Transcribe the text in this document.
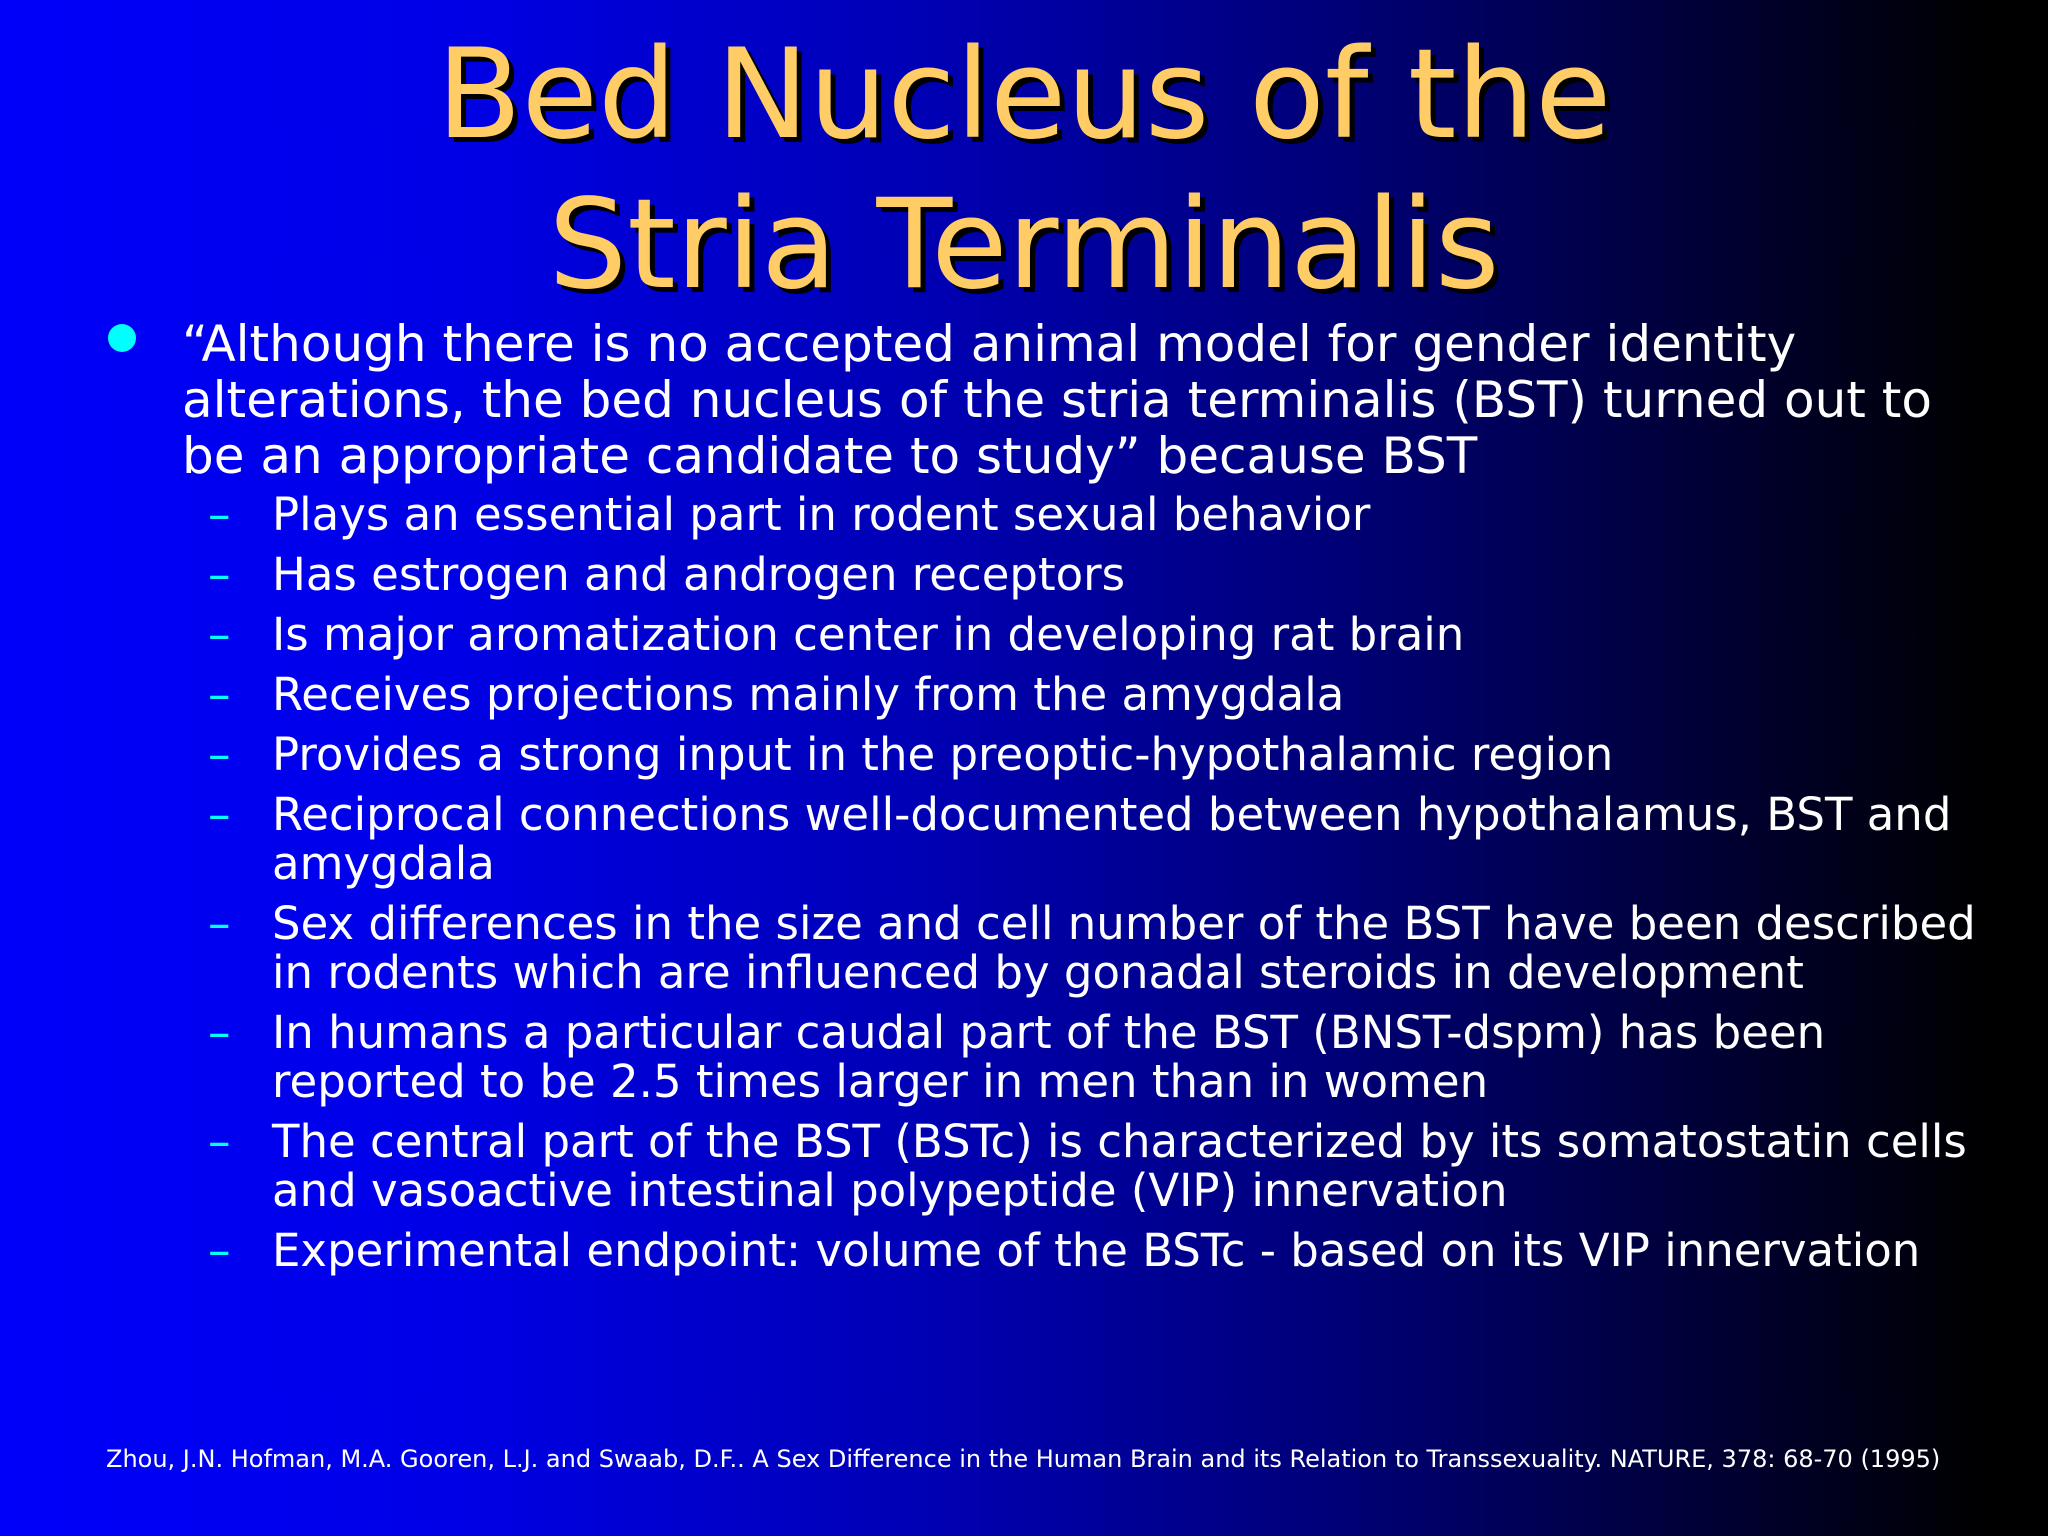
Bed Nucleus of the
Stria Terminalis
“Although there is no accepted animal model for gender identity alterations, the bed nucleus of the stria terminalis (BST) turned out to be an appropriate candidate to study” because BST
– Plays an essential part in rodent sexual behavior
– Has estrogen and androgen receptors
– Is major aromatization center in developing rat brain
– Receives projections mainly from the amygdala
– Provides a strong input in the preoptic-hypothalamic region
– Reciprocal connections well-documented between hypothalamus, BST and amygdala
– Sex differences in the size and cell number of the BST have been described in rodents which are influenced by gonadal steroids in development
– In humans a particular caudal part of the BST (BNST-dspm) has been reported to be 2.5 times larger in men than in women
– The central part of the BST (BSTc) is characterized by its somatostatin cells and vasoactive intestinal polypeptide (VIP) innervation
– Experimental endpoint: volume of the BSTc - based on its VIP innervation
Zhou, J.N. Hofman, M.A. Gooren, L.J. and Swaab, D.F.. A Sex Difference in the Human Brain and its Relation to Transsexuality. NATURE, 378: 68-70 (1995)
